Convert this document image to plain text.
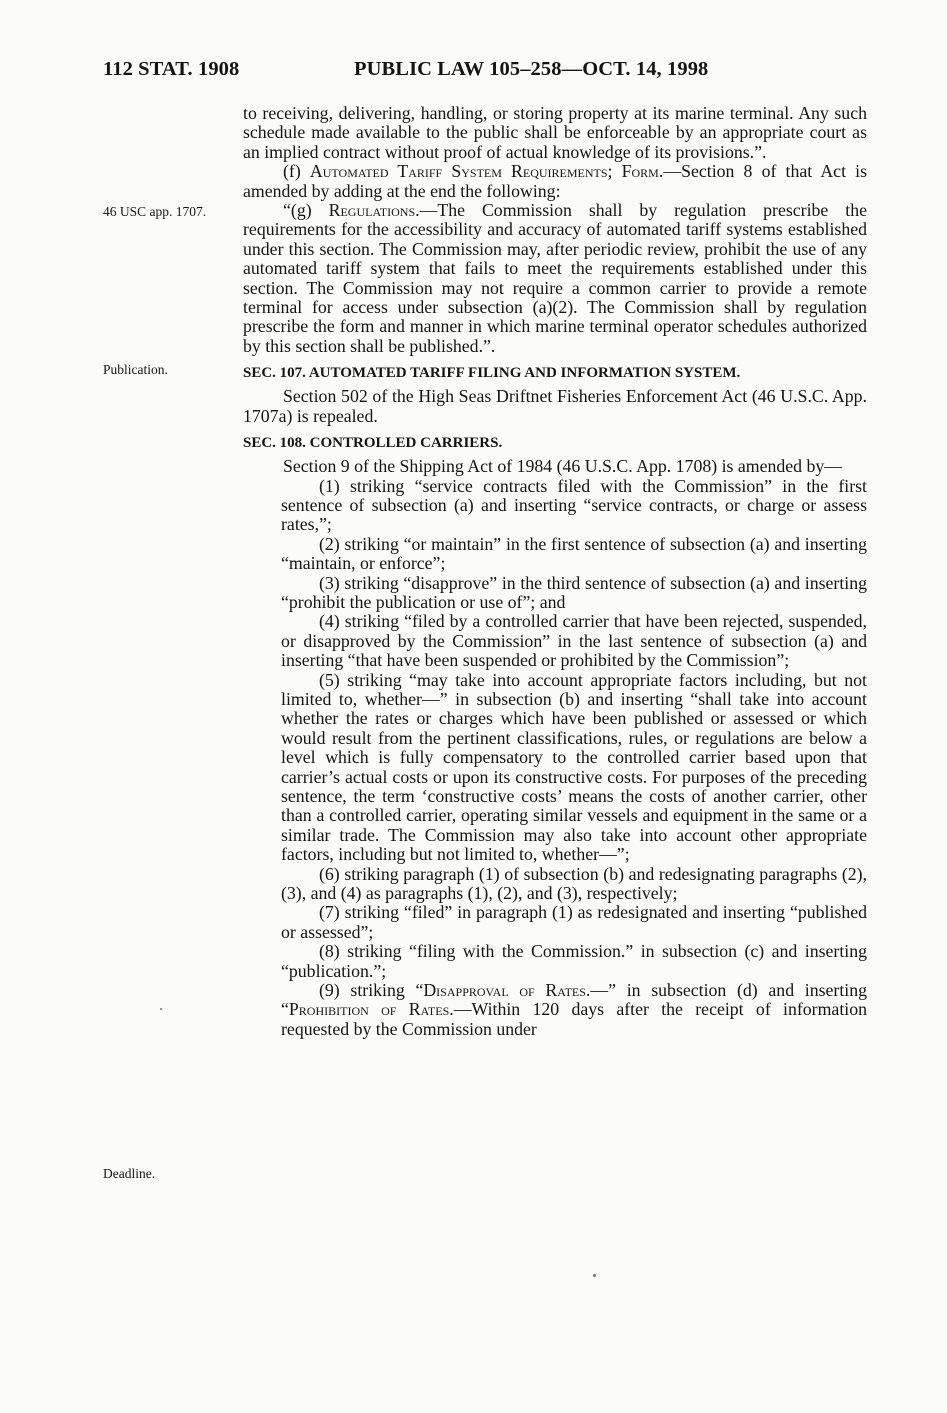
112 STAT. 1908	PUBLIC LAW 105–258—OCT. 14, 1998
46 USC app. 1707.
Publication.
Deadline.

to receiving, delivering, handling, or storing property at its marine terminal. Any such schedule made available to the public shall be enforceable by an appropriate court as an implied contract without proof of actual knowledge of its provisions.”.

(f) Automated Tariff System Requirements; Form.—Section 8 of that Act is amended by adding at the end the following:

“(g) Regulations.—The Commission shall by regulation prescribe the requirements for the accessibility and accuracy of automated tariff systems established under this section. The Commission may, after periodic review, prohibit the use of any automated tariff system that fails to meet the requirements established under this section. The Commission may not require a common carrier to provide a remote terminal for access under subsection (a)(2). The Commission shall by regulation prescribe the form and manner in which marine terminal operator schedules authorized by this section shall be published.”.

SEC. 107. AUTOMATED TARIFF FILING AND INFORMATION SYSTEM.

Section 502 of the High Seas Driftnet Fisheries Enforcement Act (46 U.S.C. App. 1707a) is repealed.

SEC. 108. CONTROLLED CARRIERS.

Section 9 of the Shipping Act of 1984 (46 U.S.C. App. 1708) is amended by—

(1) striking “service contracts filed with the Commission” in the first sentence of subsection (a) and inserting “service contracts, or charge or assess rates,”;

(2) striking “or maintain” in the first sentence of subsection (a) and inserting “maintain, or enforce”;

(3) striking “disapprove” in the third sentence of subsection (a) and inserting “prohibit the publication or use of”; and

(4) striking “filed by a controlled carrier that have been rejected, suspended, or disapproved by the Commission” in the last sentence of subsection (a) and inserting “that have been suspended or prohibited by the Commission”;

(5) striking “may take into account appropriate factors including, but not limited to, whether—” in subsection (b) and inserting “shall take into account whether the rates or charges which have been published or assessed or which would result from the pertinent classifications, rules, or regulations are below a level which is fully compensatory to the controlled carrier based upon that carrier’s actual costs or upon its constructive costs. For purposes of the preceding sentence, the term ‘constructive costs’ means the costs of another carrier, other than a controlled carrier, operating similar vessels and equipment in the same or a similar trade. The Commission may also take into account other appropriate factors, including but not limited to, whether—”;

(6) striking paragraph (1) of subsection (b) and redesignating paragraphs (2), (3), and (4) as paragraphs (1), (2), and (3), respectively;

(7) striking “filed” in paragraph (1) as redesignated and inserting “published or assessed”;

(8) striking “filing with the Commission.” in subsection (c) and inserting “publication.”;

(9) striking “Disapproval of Rates.—” in subsection (d) and inserting “Prohibition of Rates.—Within 120 days after the receipt of information requested by the Commission under
